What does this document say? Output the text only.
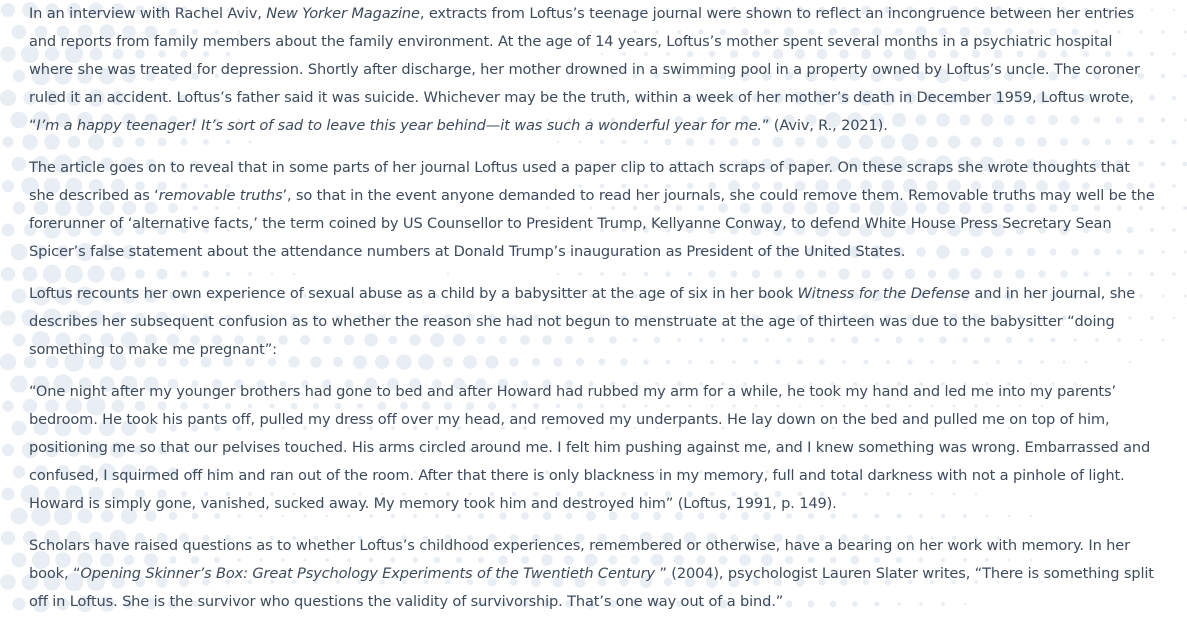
In an interview with Rachel Aviv, New Yorker Magazine, extracts from Loftus’s teenage journal were shown to reflect an incongruence between her entries and reports from family members about the family environment. At the age of 14 years, Loftus’s mother spent several months in a psychiatric hospital where she was treated for depression. Shortly after discharge, her mother drowned in a swimming pool in a property owned by Loftus’s uncle. The coroner ruled it an accident. Loftus’s father said it was suicide. Whichever may be the truth, within a week of her mother’s death in December 1959, Loftus wrote, “I’m a happy teenager! It’s sort of sad to leave this year behind—it was such a wonderful year for me.” (Aviv, R., 2021).

The article goes on to reveal that in some parts of her journal Loftus used a paper clip to attach scraps of paper. On these scraps she wrote thoughts that she described as ‘removable truths’, so that in the event anyone demanded to read her journals, she could remove them. Removable truths may well be the forerunner of ‘alternative facts,’ the term coined by US Counsellor to President Trump, Kellyanne Conway, to defend White House Press Secretary Sean Spicer’s false statement about the attendance numbers at Donald Trump’s inauguration as President of the United States.

Loftus recounts her own experience of sexual abuse as a child by a babysitter at the age of six in her book Witness for the Defense and in her journal, she describes her subsequent confusion as to whether the reason she had not begun to menstruate at the age of thirteen was due to the babysitter “doing something to make me pregnant”:

“One night after my younger brothers had gone to bed and after Howard had rubbed my arm for a while, he took my hand and led me into my parents’ bedroom. He took his pants off, pulled my dress off over my head, and removed my underpants. He lay down on the bed and pulled me on top of him, positioning me so that our pelvises touched. His arms circled around me. I felt him pushing against me, and I knew something was wrong. Embarrassed and confused, I squirmed off him and ran out of the room. After that there is only blackness in my memory, full and total darkness with not a pinhole of light. Howard is simply gone, vanished, sucked away. My memory took him and destroyed him” (Loftus, 1991, p. 149).

Scholars have raised questions as to whether Loftus’s childhood experiences, remembered or otherwise, have a bearing on her work with memory. In her book, “Opening Skinner’s Box: Great Psychology Experiments of the Twentieth Century ” (2004), psychologist Lauren Slater writes, “There is something split off in Loftus. She is the survivor who questions the validity of survivorship. That’s one way out of a bind.”
